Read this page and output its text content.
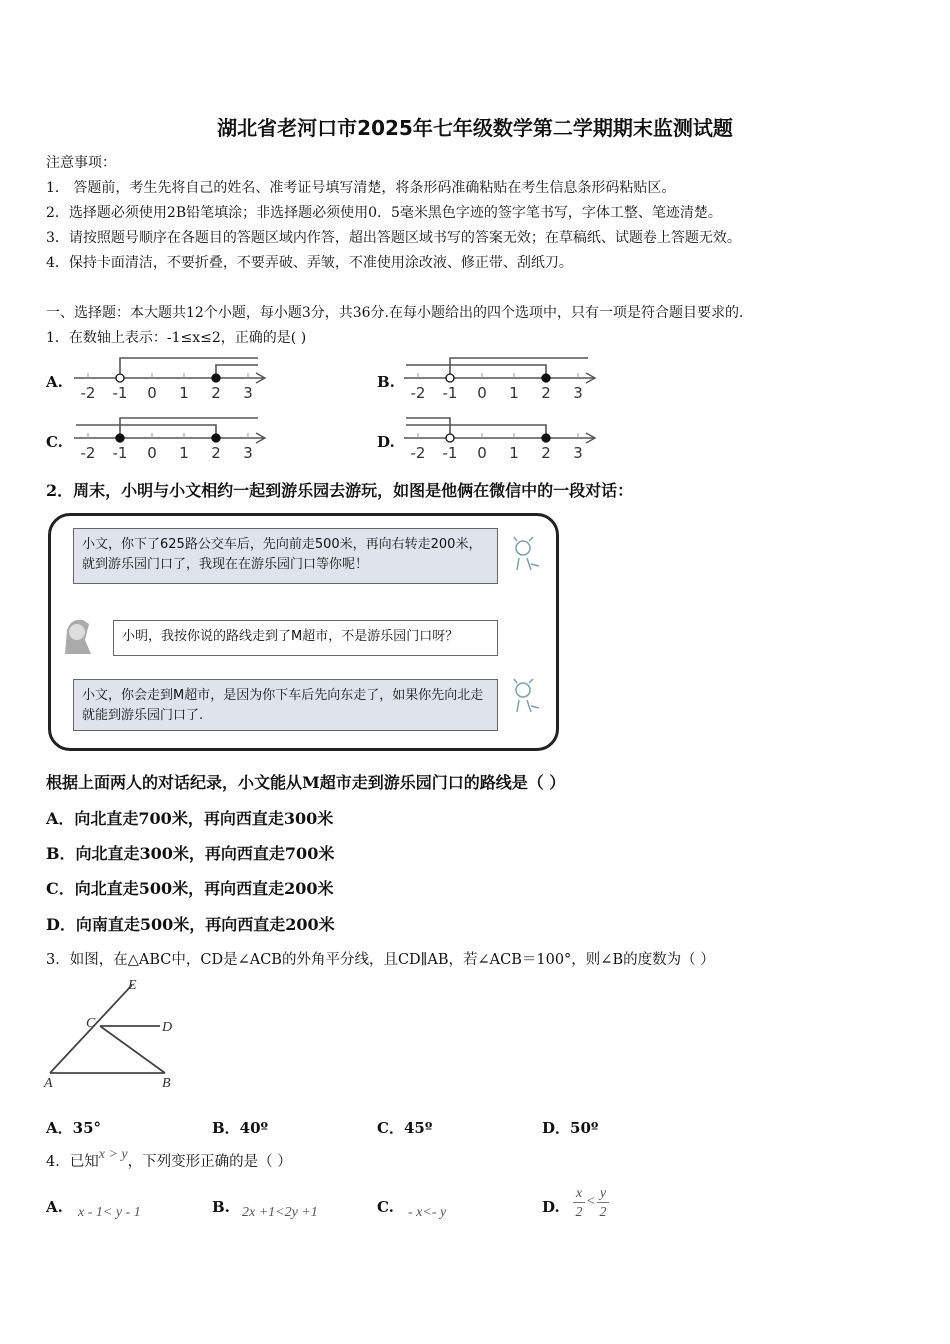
湖北省老河口市2025年七年级数学第二学期期末监测试题
注意事项：
1． 答题前，考生先将自己的姓名、准考证号填写清楚，将条形码准确粘贴在考生信息条形码粘贴区。
2．选择题必须使用2B铅笔填涂；非选择题必须使用0．5毫米黑色字迹的签字笔书写，字体工整、笔迹清楚。
3．请按照题号顺序在各题目的答题区域内作答，超出答题区域书写的答案无效；在草稿纸、试题卷上答题无效。
4．保持卡面清洁，不要折叠，不要弄破、弄皱，不准使用涂改液、修正带、刮纸刀。
一、选择题：本大题共12个小题，每小题3分，共36分.在每小题给出的四个选项中，只有一项是符合题目要求的.
1．在数轴上表示：-1≤x≤2，正确的是( )
A.
-2 -1 0 1 2 3
B.
-2 -1 0 1 2 3
C.
-2 -1 0 1 2 3
D.
-2 -1 0 1 2 3
2．周末，小明与小文相约一起到游乐园去游玩，如图是他俩在微信中的一段对话：
小文，你下了625路公交车后，先向前走500米，再向右转走200米，就到游乐园门口了，我现在在游乐园门口等你呢！
小明，我按你说的路线走到了M超市，不是游乐园门口呀？
小文，你会走到M超市，是因为你下车后先向东走了，如果你先向北走就能到游乐园门口了.
根据上面两人的对话纪录，小文能从M超市走到游乐园门口的路线是（ ）
A．向北直走700米，再向西直走300米
B．向北直走300米，再向西直走700米
C．向北直走500米，再向西直走200米
D．向南直走500米，再向西直走200米
3．如图，在△ABC中，CD是∠ACB的外角平分线，且CD∥AB，若∠ACB＝100°，则∠B的度数为（ ）
E
C	D
A	B
A．35°	B．40º	C．45º	D．50º
4．已知x > y，下列变形正确的是（ ）
A. x - 1< y - 1	B. 2x +1<2y +1	C. - x<- y	D.
x
2
<
y
2
